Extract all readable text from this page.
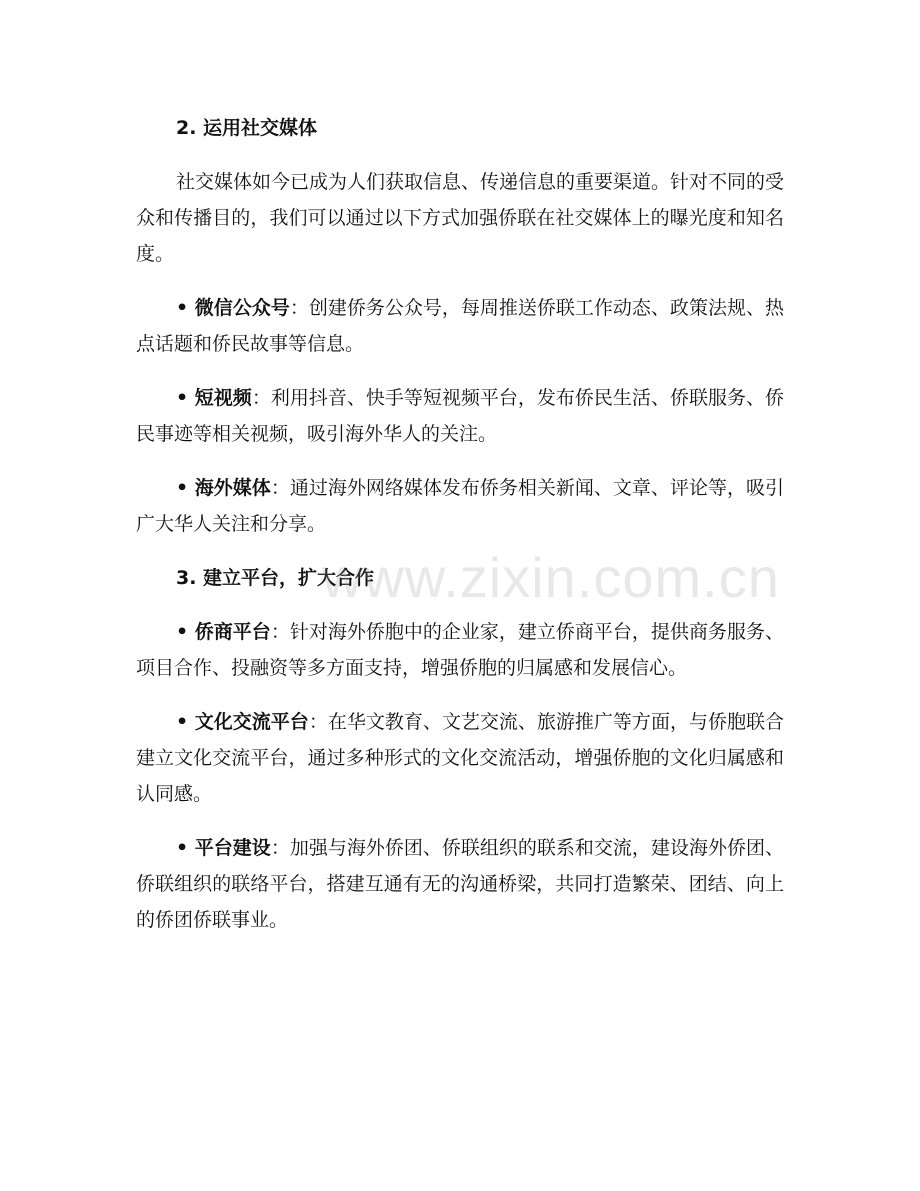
2. 运用社交媒体

社交媒体如今已成为人们获取信息、传递信息的重要渠道。针对不同的受众和传播目的，我们可以通过以下方式加强侨联在社交媒体上的曝光度和知名度。

• 微信公众号：创建侨务公众号，每周推送侨联工作动态、政策法规、热点话题和侨民故事等信息。

• 短视频：利用抖音、快手等短视频平台，发布侨民生活、侨联服务、侨民事迹等相关视频，吸引海外华人的关注。

• 海外媒体：通过海外网络媒体发布侨务相关新闻、文章、评论等，吸引广大华人关注和分享。

3. 建立平台，扩大合作

• 侨商平台：针对海外侨胞中的企业家，建立侨商平台，提供商务服务、项目合作、投融资等多方面支持，增强侨胞的归属感和发展信心。

• 文化交流平台：在华文教育、文艺交流、旅游推广等方面，与侨胞联合建立文化交流平台，通过多种形式的文化交流活动，增强侨胞的文化归属感和认同感。

• 平台建设：加强与海外侨团、侨联组织的联系和交流，建设海外侨团、侨联组织的联络平台，搭建互通有无的沟通桥梁，共同打造繁荣、团结、向上的侨团侨联事业。

www.zixin.com.cn
